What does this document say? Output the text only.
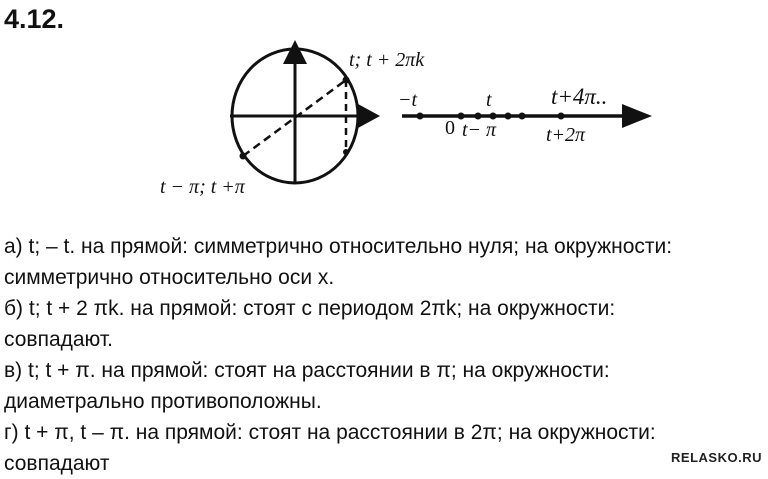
4.12.
t; t + 2πk
t − π; t +π
−t
0
t
t− π
t+4π..
t+2π
а) t; – t. на прямой: симметрично относительно нуля; на окружности:
симметрично относительно оси x.
б) t; t + 2 πk. на прямой: стоят с периодом 2πk; на окружности:
совпадают.
в) t; t + π. на прямой: стоят на расстоянии в π; на окружности:
диаметрально противоположны.
г) t + π, t – π. на прямой: стоят на расстоянии в 2π; на окружности:
совпадают	RELASKO.RU
